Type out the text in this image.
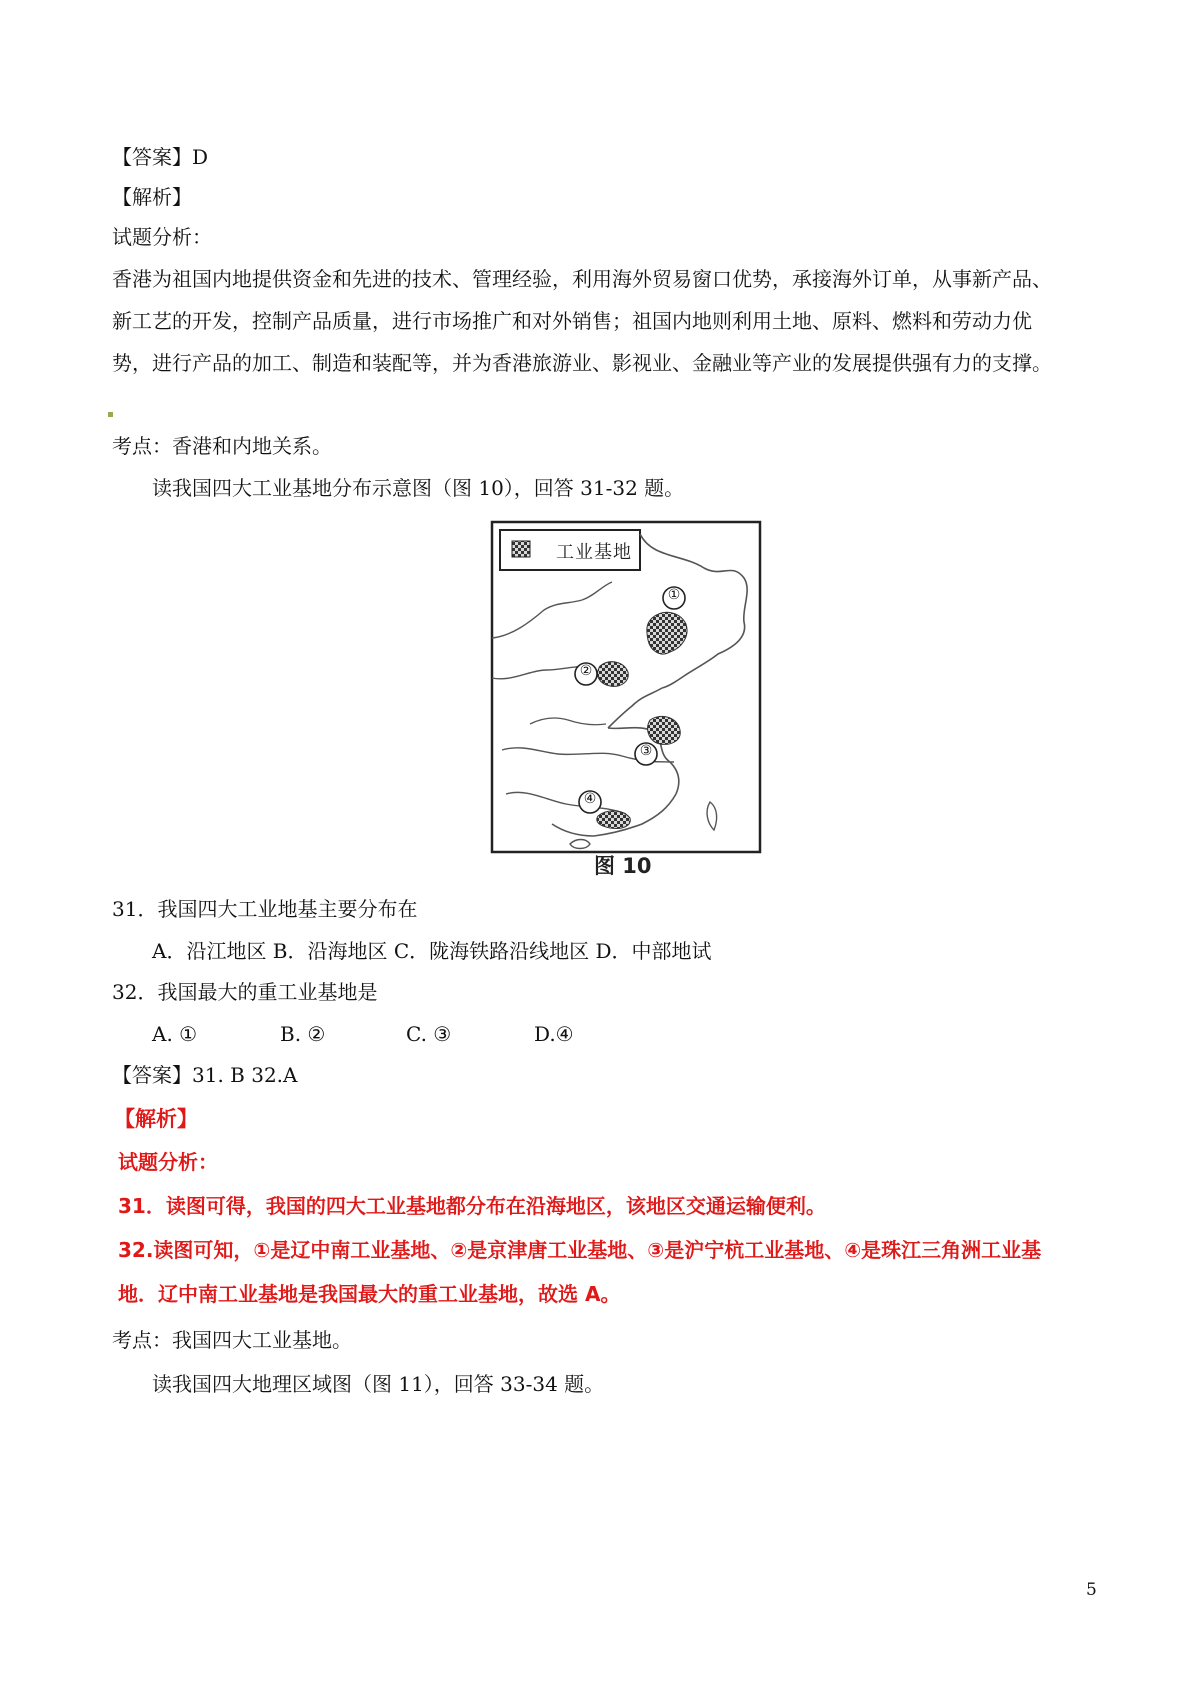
【答案】D
【解析】
试题分析：
香港为祖国内地提供资金和先进的技术、管理经验，利用海外贸易窗口优势，承接海外订单，从事新产品、
新工艺的开发，控制产品质量，进行市场推广和对外销售；祖国内地则利用土地、原料、燃料和劳动力优
势，进行产品的加工、制造和装配等，并为香港旅游业、影视业、金融业等产业的发展提供强有力的支撑。
考点：香港和内地关系。
读我国四大工业基地分布示意图（图 10），回答 31-32 题。
工业基地
①
②
③
④
图 10
31．我国四大工业地基主要分布在
A．沿江地区 B．沿海地区 C．陇海铁路沿线地区 D．中部地试
32．我国最大的重工业基地是
A. ①	B. ②	C. ③	D.④
【答案】31. B 32.A
【解析】
试题分析：
31．读图可得，我国的四大工业基地都分布在沿海地区，该地区交通运输便利。
32.读图可知，①是辽中南工业基地、②是京津唐工业基地、③是沪宁杭工业基地、④是珠江三角洲工业基
地．辽中南工业基地是我国最大的重工业基地，故选 A。
考点：我国四大工业基地。
读我国四大地理区域图（图 11），回答 33-34 题。
5
